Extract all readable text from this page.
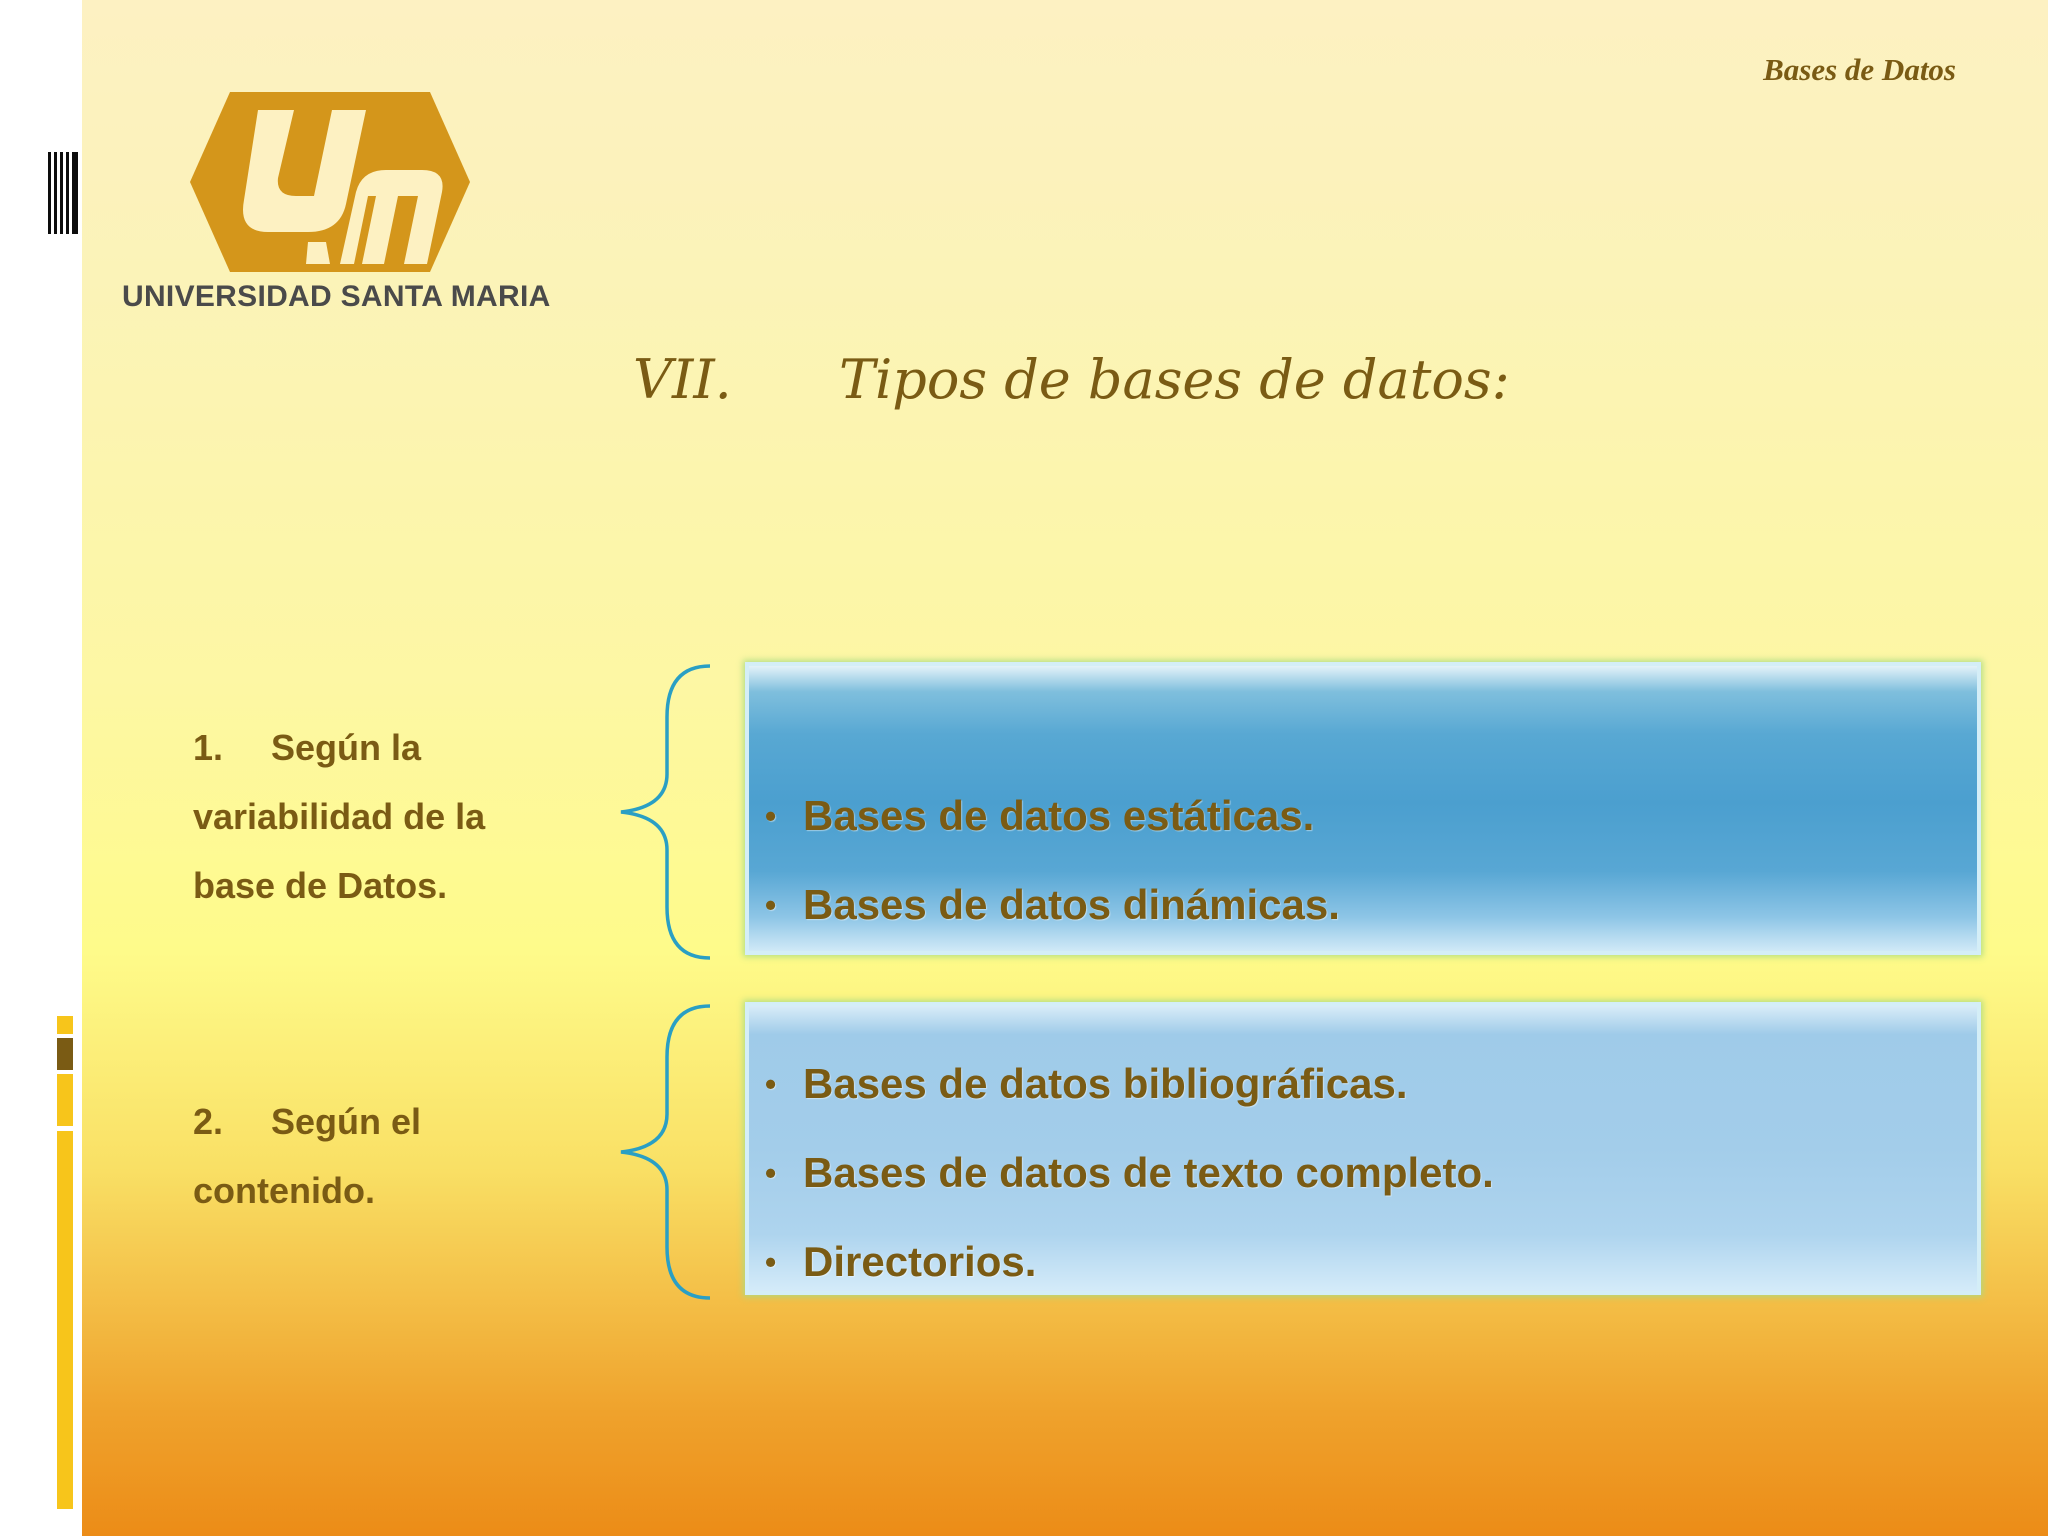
Bases de Datos
UNIVERSIDAD SANTA MARIA
VII. Tipos de bases de datos:
1. Según la variabilidad de la base de Datos.
• Bases de datos estáticas.
• Bases de datos dinámicas.
2. Según el contenido.
• Bases de datos bibliográficas.
• Bases de datos de texto completo.
• Directorios.
